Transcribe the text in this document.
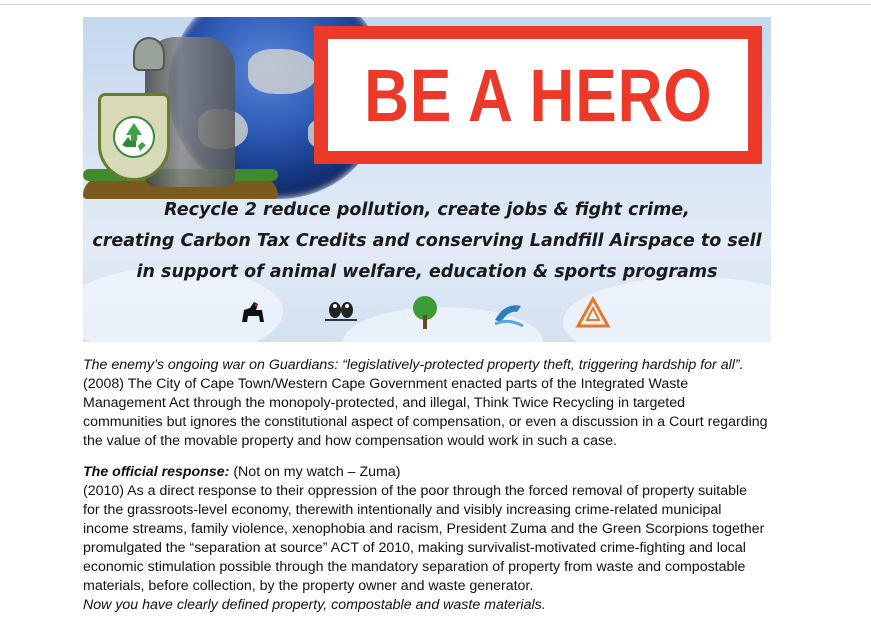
BE A HERO
Recycle 2 reduce pollution, create jobs & fight crime,
creating Carbon Tax Credits and conserving Landfill Airspace to sell
in support of animal welfare, education & sports programs

The enemy’s ongoing war on Guardians: “legislatively-protected property theft, triggering hardship for all”.
(2008) The City of Cape Town/Western Cape Government enacted parts of the Integrated Waste
Management Act through the monopoly-protected, and illegal, Think Twice Recycling in targeted
communities but ignores the constitutional aspect of compensation, or even a discussion in a Court regarding
the value of the movable property and how compensation would work in such a case.

The official response: (Not on my watch – Zuma)
(2010) As a direct response to their oppression of the poor through the forced removal of property suitable
for the grassroots-level economy, therewith intentionally and visibly increasing crime-related municipal
income streams, family violence, xenophobia and racism, President Zuma and the Green Scorpions together
promulgated the “separation at source” ACT of 2010, making survivalist-motivated crime-fighting and local
economic stimulation possible through the mandatory separation of property from waste and compostable
materials, before collection, by the property owner and waste generator.
Now you have clearly defined property, compostable and waste materials.
